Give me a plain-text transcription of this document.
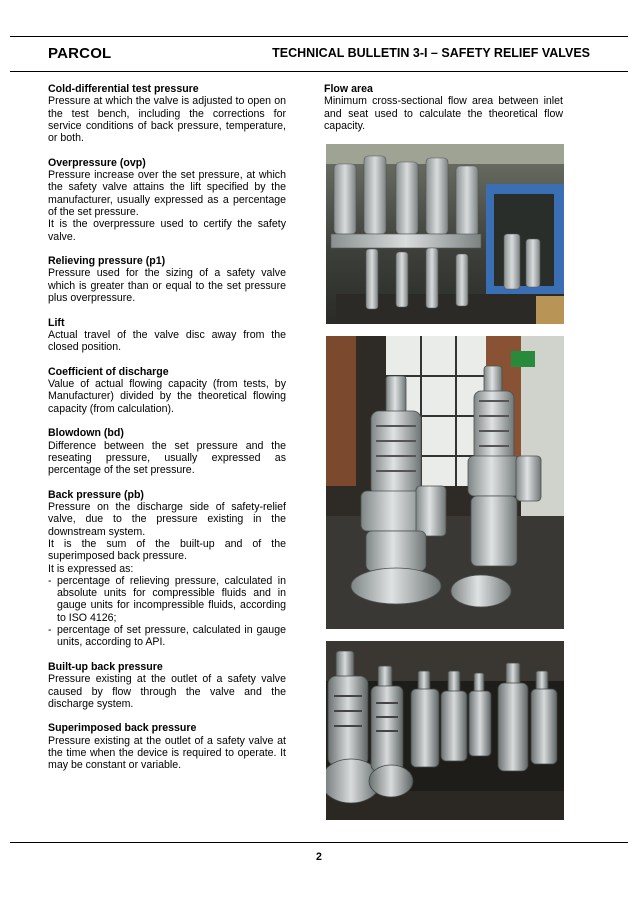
PARCOL	TECHNICAL BULLETIN 3-I – SAFETY RELIEF VALVES
Cold-differential test pressure
Pressure at which the valve is adjusted to open on the test bench, including the corrections for service conditions of back pressure, temperature, or both.
Overpressure (ovp)
Pressure increase over the set pressure, at which the safety valve attains the lift specified by the manufacturer, usually expressed as a percentage of the set pressure.
It is the overpressure used to certify the safety valve.
Relieving pressure (p1)
Pressure used for the sizing of a safety valve which is greater than or equal to the set pressure plus overpressure.
Lift
Actual travel of the valve disc away from the closed position.
Coefficient of discharge
Value of actual flowing capacity (from tests, by Manufacturer) divided by the theoretical flowing capacity (from calculation).
Blowdown (bd)
Difference between the set pressure and the reseating pressure, usually expressed as percentage of the set pressure.
Back pressure (pb)
Pressure on the discharge side of safety-relief valve, due to the pressure existing in the downstream system.
It is the sum of the built-up and of the superimposed back pressure.
It is expressed as:
- percentage of relieving pressure, calculated in absolute units for compressible fluids and in gauge units for incompressible fluids, according to ISO 4126;
- percentage of set pressure, calculated in gauge units, according to API.
Built-up back pressure
Pressure existing at the outlet of a safety valve caused by flow through the valve and the discharge system.
Superimposed back pressure
Pressure existing at the outlet of a safety valve at the time when the device is required to operate. It may be constant or variable.
Flow area
Minimum cross-sectional flow area between inlet and seat used to calculate the theoretical flow capacity.
2
